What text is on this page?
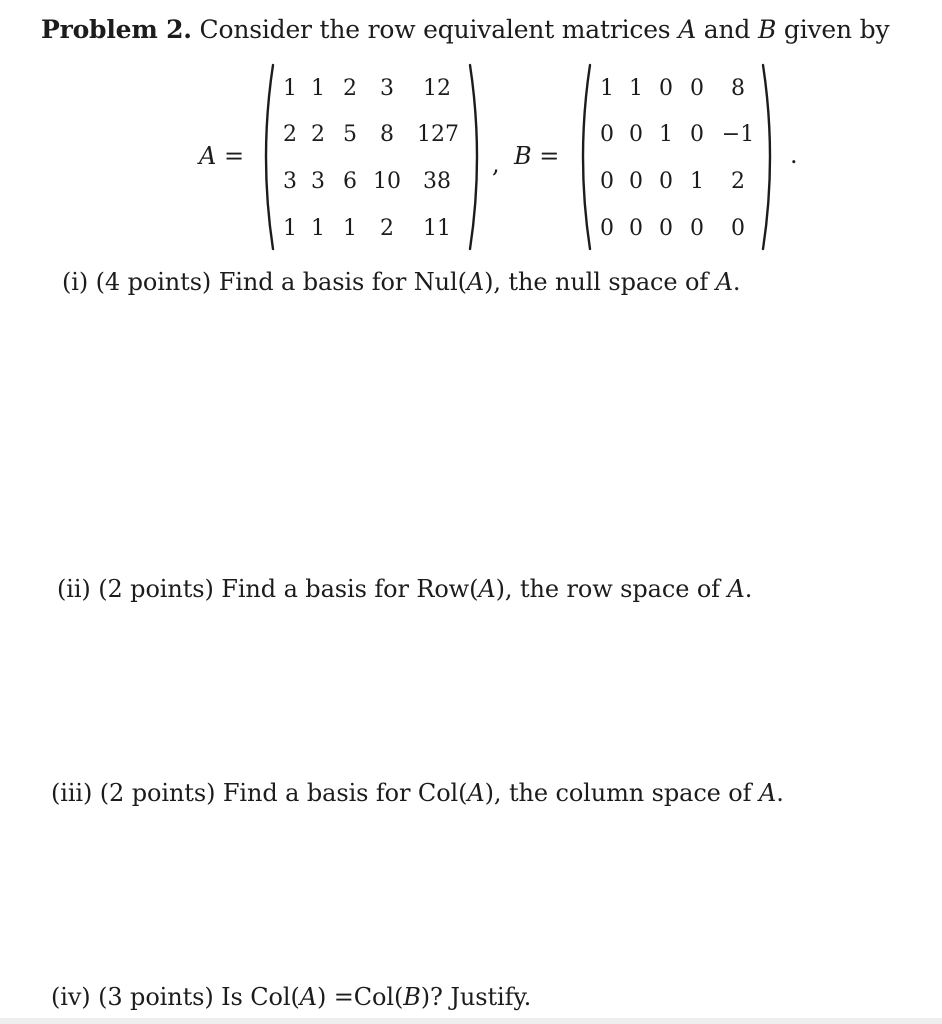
Problem 2. Consider the row equivalent matrices A and B given by
A =
1 1 2	3	12
2 2 5	8	127
3 3 6 10 38
1 1 1	2	11
, B =
1 1 0 0	8
0 0 1 0 −1
0 0 0 1	2
0 0 0 0	0
.
(i) (4 points) Find a basis for Nul(A), the null space of A.
(ii) (2 points) Find a basis for Row(A), the row space of A.
(iii) (2 points) Find a basis for Col(A), the column space of A.
(iv) (3 points) Is Col(A) =Col(B)? Justify.
